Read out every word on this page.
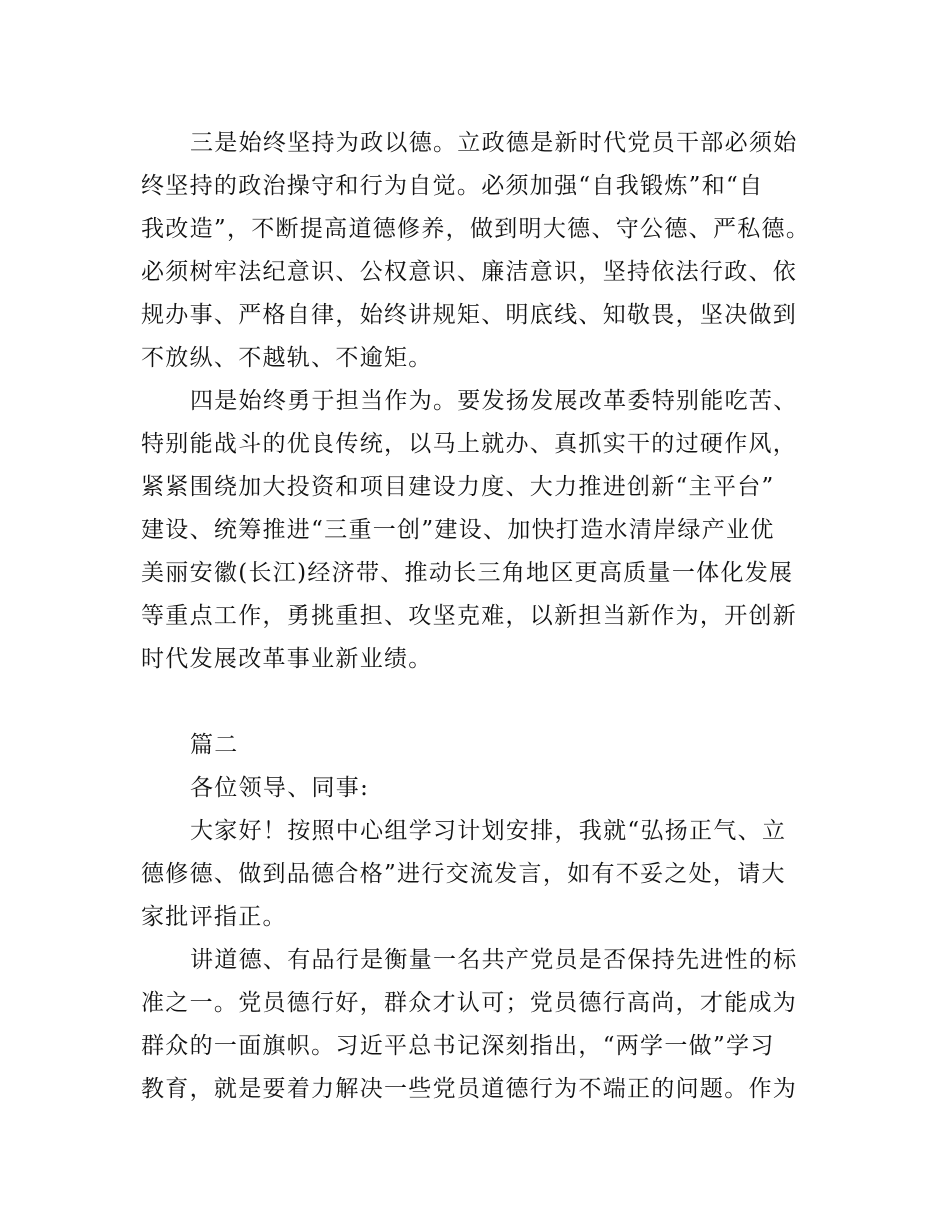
三是始终坚持为政以德。立政德是新时代党员干部必须始
终坚持的政治操守和行为自觉。必须加强“自我锻炼”和“自
我改造”，不断提高道德修养，做到明大德、守公德、严私德。
必须树牢法纪意识、公权意识、廉洁意识，坚持依法行政、依
规办事、严格自律，始终讲规矩、明底线、知敬畏，坚决做到
不放纵、不越轨、不逾矩。
四是始终勇于担当作为。要发扬发展改革委特别能吃苦、
特别能战斗的优良传统，以马上就办、真抓实干的过硬作风，
紧紧围绕加大投资和项目建设力度、大力推进创新“主平台”
建设、统筹推进“三重一创”建设、加快打造水清岸绿产业优
美丽安徽(长江)经济带、推动长三角地区更高质量一体化发展
等重点工作，勇挑重担、攻坚克难，以新担当新作为，开创新
时代发展改革事业新业绩。
篇二
各位领导、同事:
大家好！按照中心组学习计划安排，我就“弘扬正气、立
德修德、做到品德合格”进行交流发言，如有不妥之处，请大
家批评指正。
讲道德、有品行是衡量一名共产党员是否保持先进性的标
准之一。党员德行好，群众才认可；党员德行高尚，才能成为
群众的一面旗帜。习近平总书记深刻指出，“两学一做”学习
教育，就是要着力解决一些党员道德行为不端正的问题。作为
